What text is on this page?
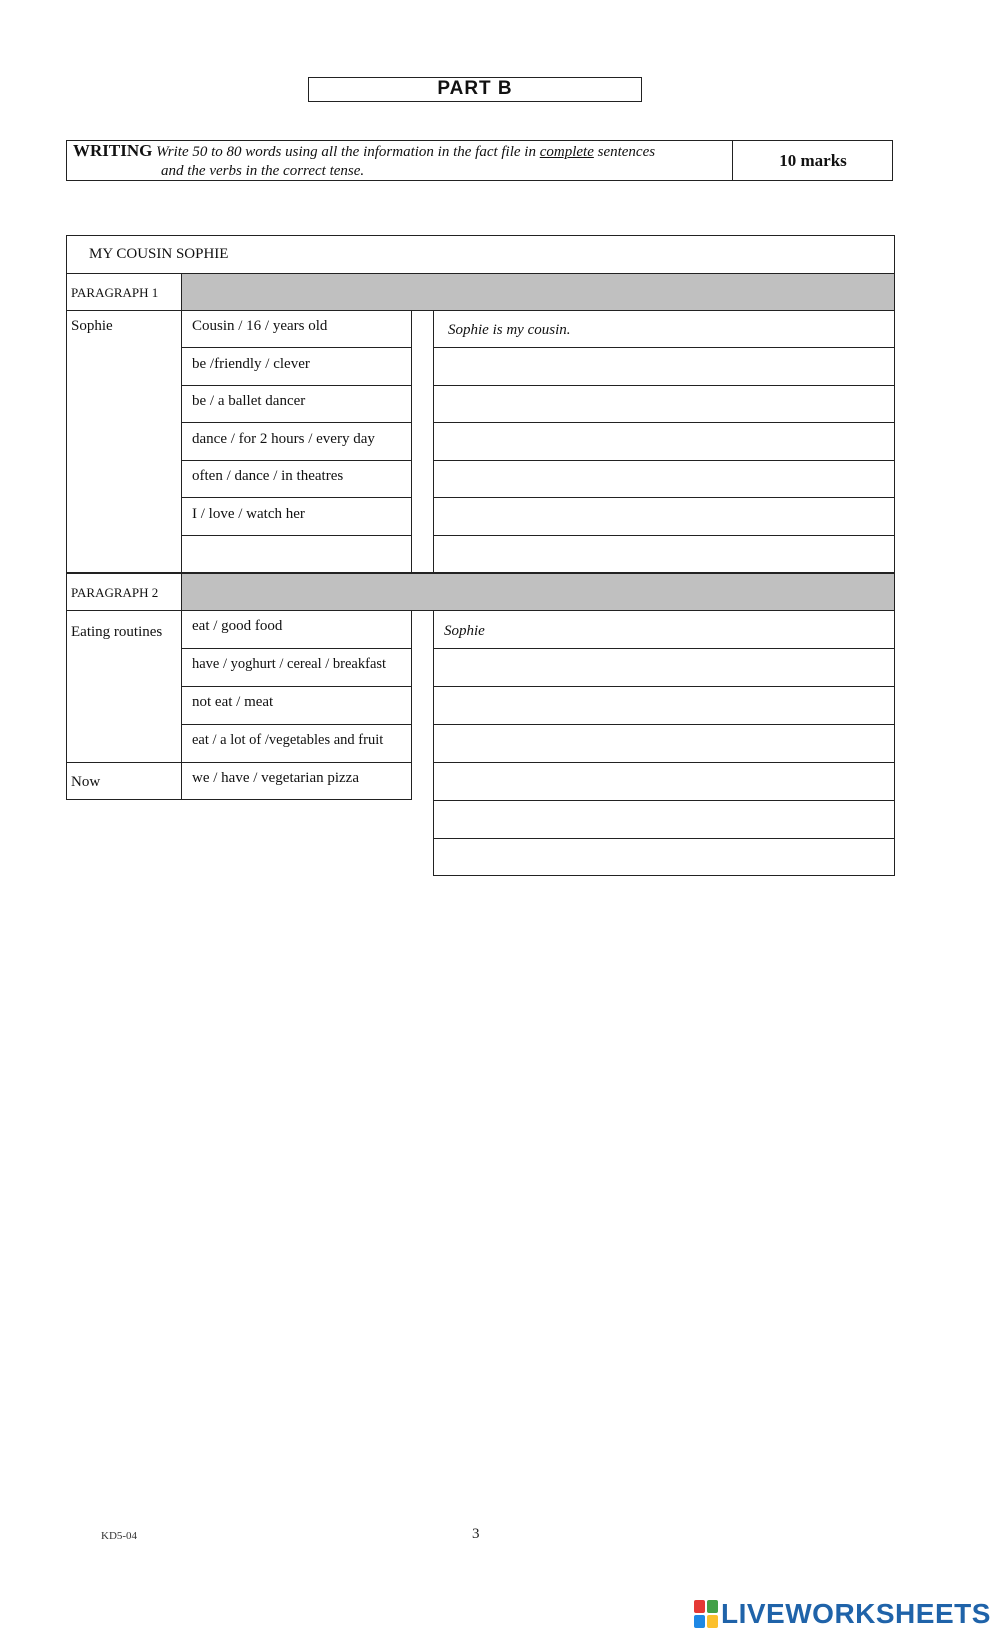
PART B
WRITING Write 50 to 80 words using all the information in the fact file in complete sentences
and the verbs in the correct tense.
10 marks
MY COUSIN SOPHIE
PARAGRAPH 1
Sophie	Cousin / 16 / years old
be /friendly / clever
be / a ballet dancer
dance / for 2 hours / every day
often / dance / in theatres
I / love / watch her
Sophie is my cousin.
PARAGRAPH 2
Eating routines
Now
eat / good food
have / yoghurt / cereal / breakfast
not eat / meat
eat / a lot of /vegetables and fruit
we / have / vegetarian pizza
Sophie
KD5-04	3
LIVEWORKSHEETS
